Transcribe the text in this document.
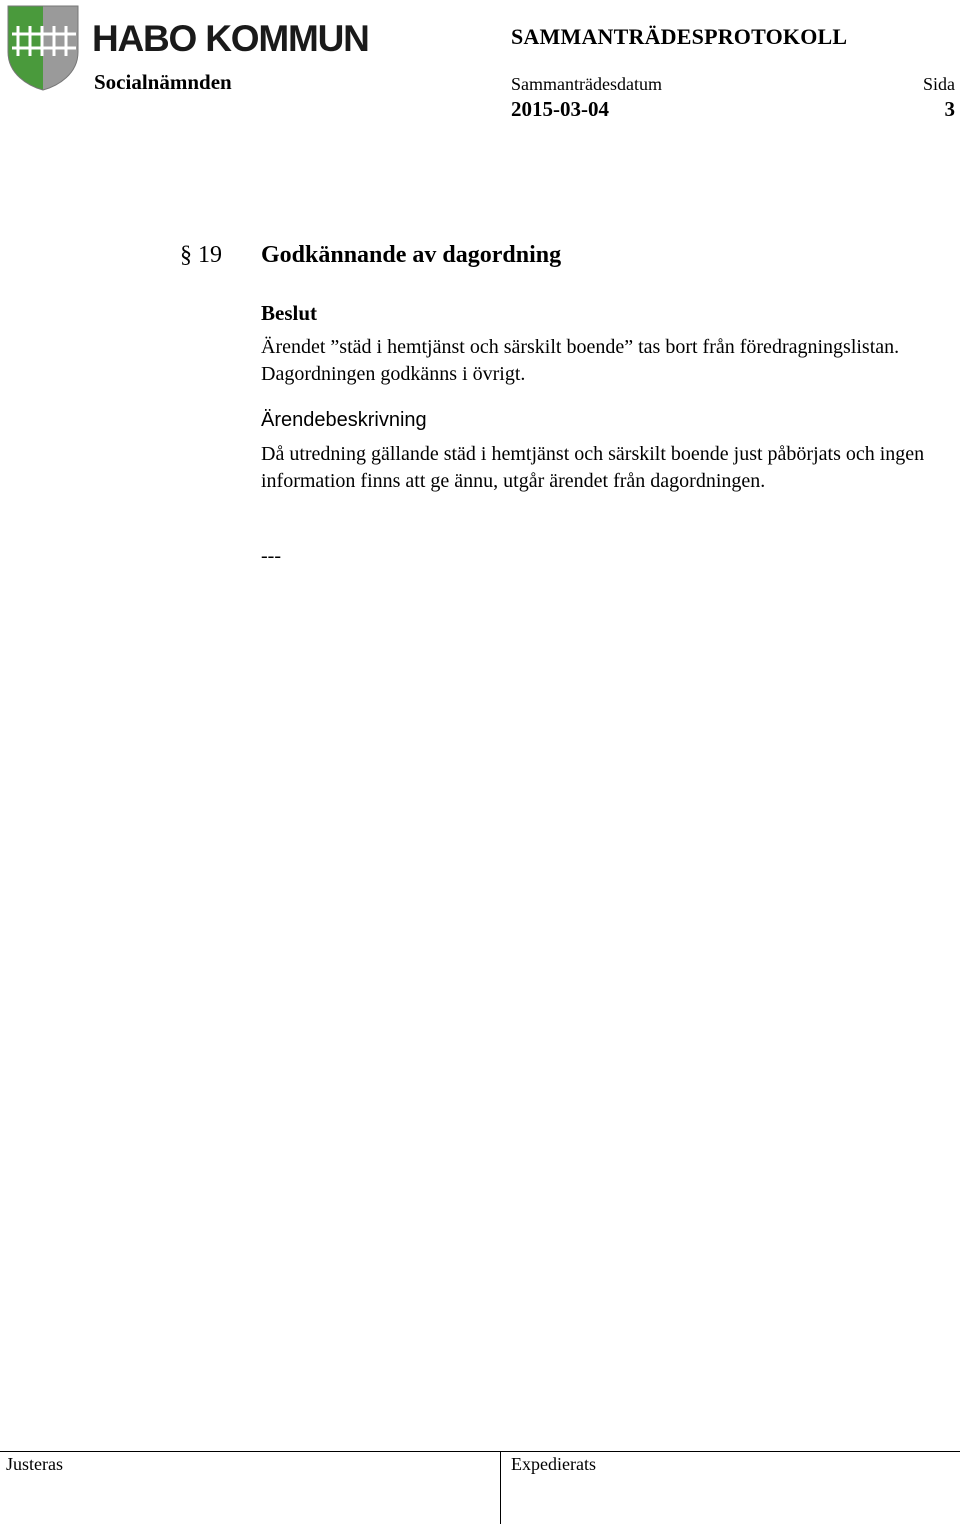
HABO KOMMUN
Socialnämnden
SAMMANTRÄDESPROTOKOLL
Sammanträdesdatum	Sida
2015-03-04	3
§ 19 Godkännande av dagordning
Beslut
Ärendet ”städ i hemtjänst och särskilt boende” tas bort från föredragningslistan. Dagordningen godkänns i övrigt.
Ärendebeskrivning
Då utredning gällande städ i hemtjänst och särskilt boende just påbörjats och ingen information finns att ge ännu, utgår ärendet från dagordningen.
---
Justeras	Expedierats
